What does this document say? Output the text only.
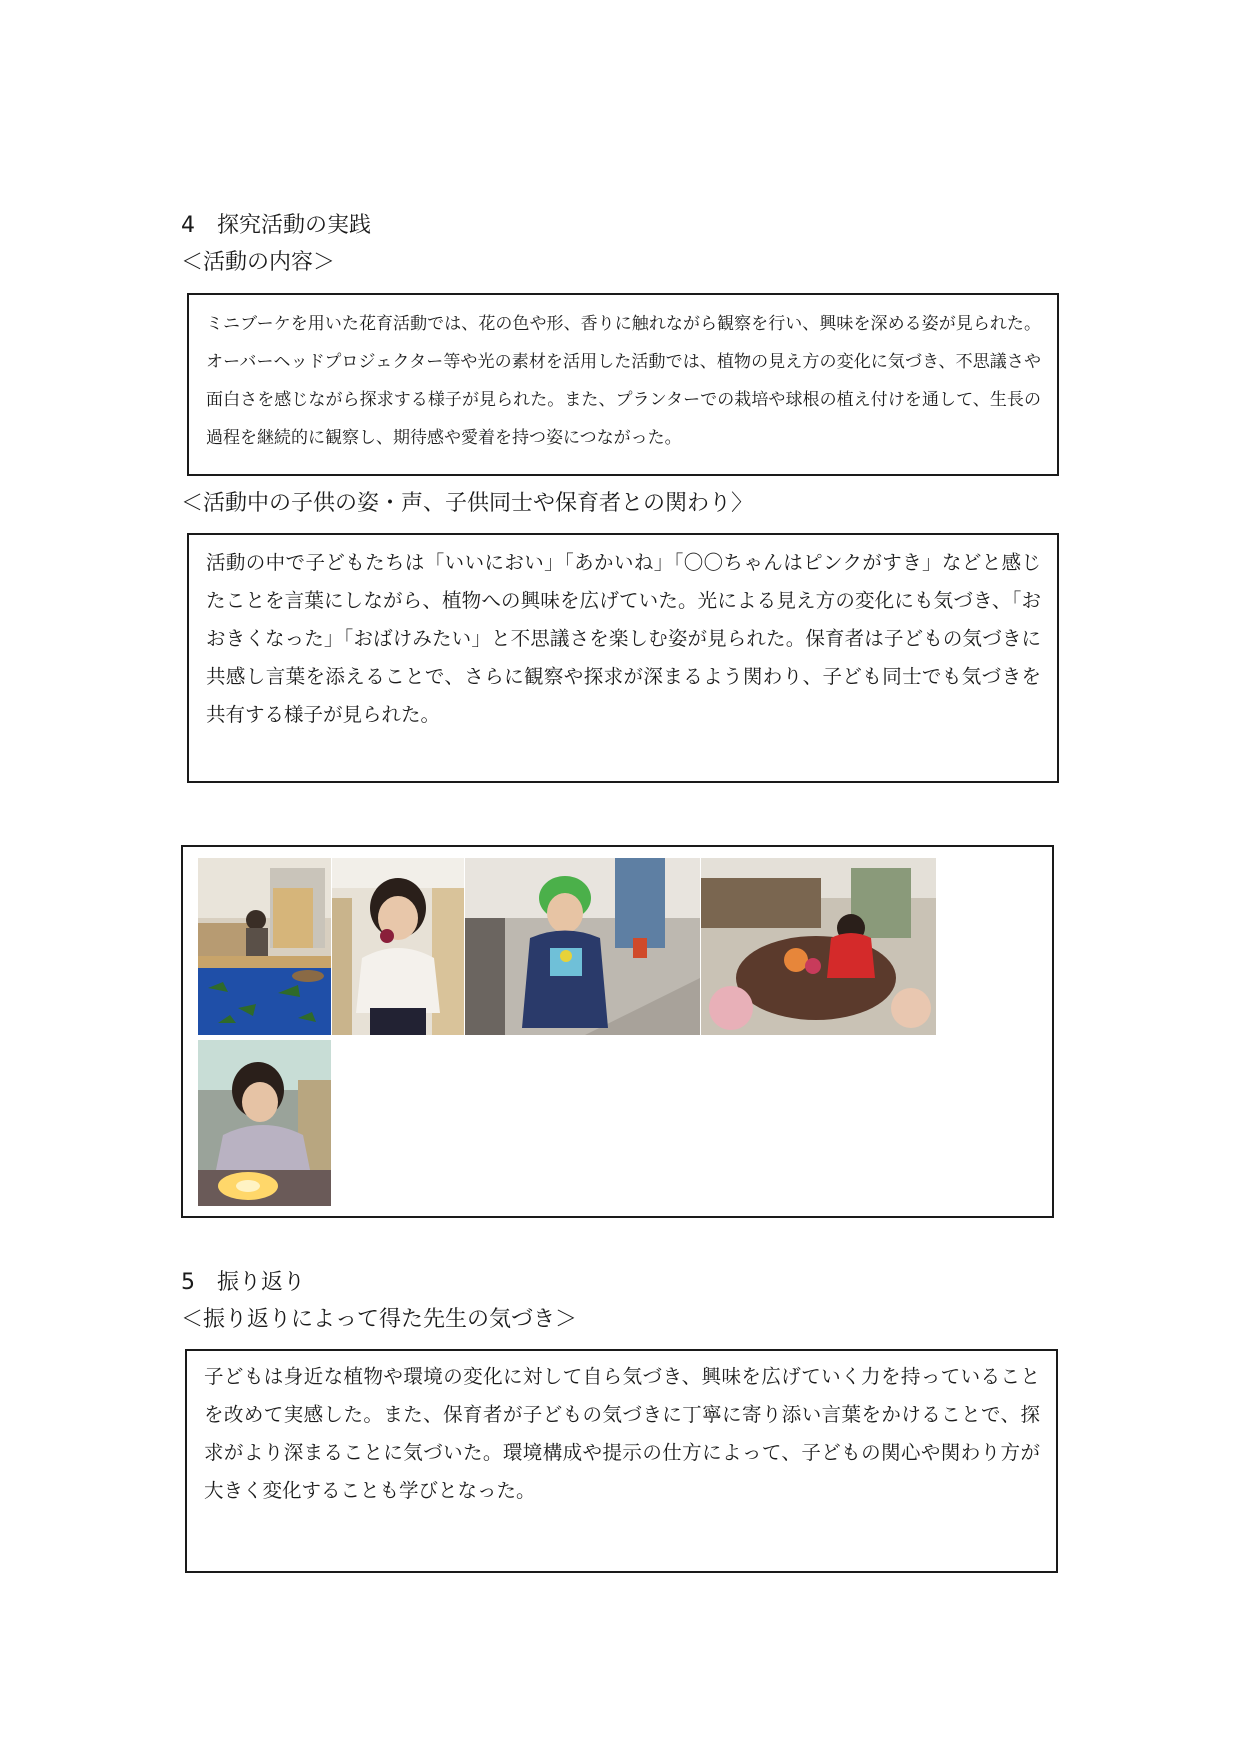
4　探究活動の実践
＜活動の内容＞

ミニブーケを用いた花育活動では、花の色や形、香りに触れながら観察を行い、興味を深める姿が見られた。オーバーヘッドプロジェクター等や光の素材を活用した活動では、植物の見え方の変化に気づき、不思議さや面白さを感じながら探求する様子が見られた。また、プランターでの栽培や球根の植え付けを通して、生長の過程を継続的に観察し、期待感や愛着を持つ姿につながった。

＜活動中の子供の姿・声、子供同士や保育者との関わり〉

活動の中で子どもたちは「いいにおい」「あかいね」「〇〇ちゃんはピンクがすき」などと感じたことを言葉にしながら、植物への興味を広げていた。光による見え方の変化にも気づき、「おおきくなった」「おばけみたい」と不思議さを楽しむ姿が見られた。保育者は子どもの気づきに共感し言葉を添えることで、さらに観察や探求が深まるよう関わり、子ども同士でも気づきを共有する様子が見られた。

5　振り返り
＜振り返りによって得た先生の気づき＞

子どもは身近な植物や環境の変化に対して自ら気づき、興味を広げていく力を持っていることを改めて実感した。また、保育者が子どもの気づきに丁寧に寄り添い言葉をかけることで、探求がより深まることに気づいた。環境構成や提示の仕方によって、子どもの関心や関わり方が大きく変化することも学びとなった。
